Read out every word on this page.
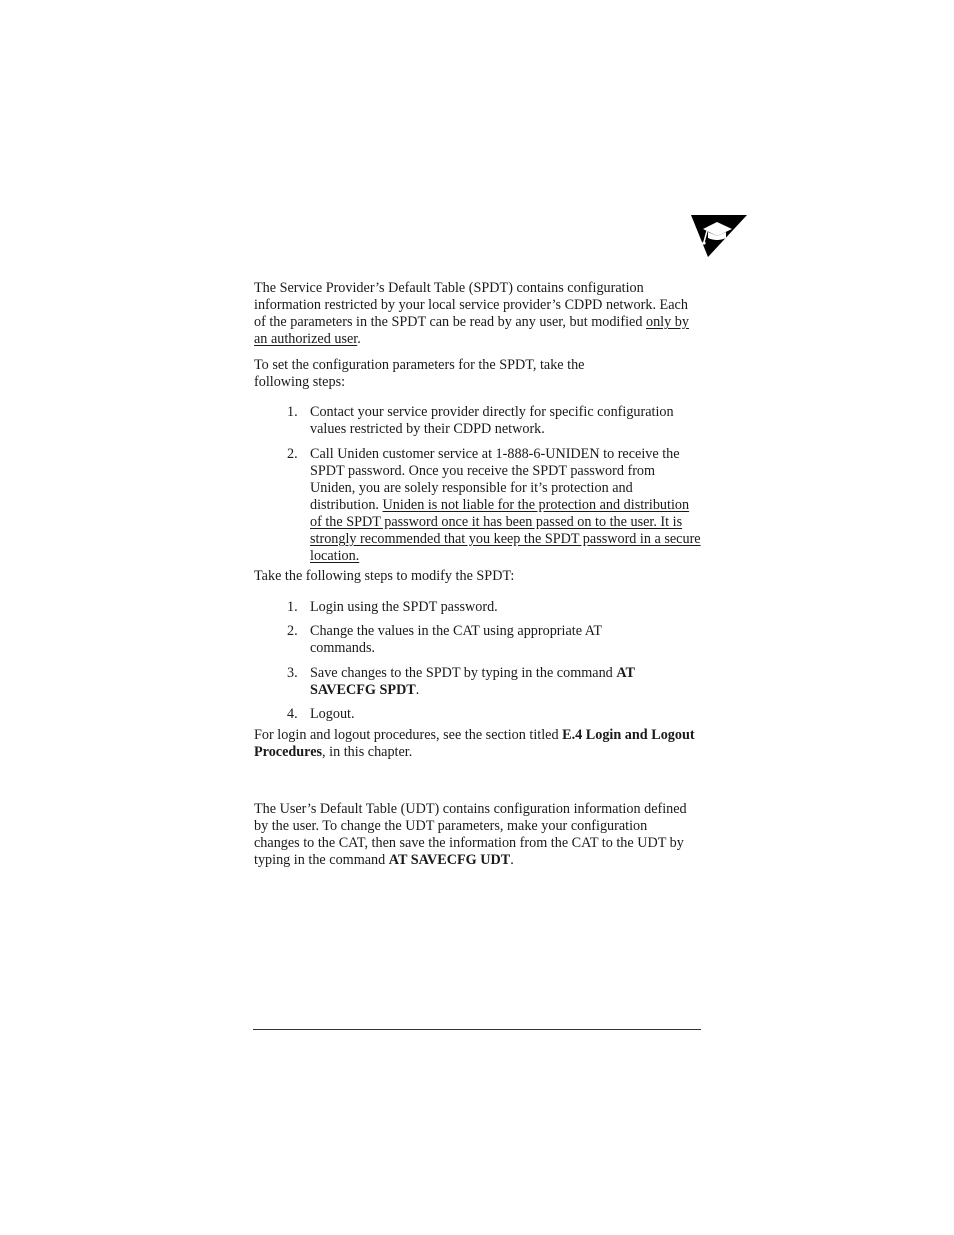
The Service Provider’s Default Table (SPDT) contains configuration information restricted by your local service provider’s CDPD network. Each of the parameters in the SPDT can be read by any user, but modified only by an authorized user.

To set the configuration parameters for the SPDT, take the following steps:

1. Contact your service provider directly for specific configuration values restricted by their CDPD network.
2. Call Uniden customer service at 1-888-6-UNIDEN to receive the SPDT password. Once you receive the SPDT password from Uniden, you are solely responsible for it’s protection and distribution. Uniden is not liable for the protection and distribution of the SPDT password once it has been passed on to the user. It is strongly recommended that you keep the SPDT password in a secure location.

Take the following steps to modify the SPDT:

1. Login using the SPDT password.
2. Change the values in the CAT using appropriate AT commands.
3. Save changes to the SPDT by typing in the command AT SAVECFG SPDT.
4. Logout.

For login and logout procedures, see the section titled E.4 Login and Logout Procedures, in this chapter.

The User’s Default Table (UDT) contains configuration information defined by the user. To change the UDT parameters, make your configuration changes to the CAT, then save the information from the CAT to the UDT by typing in the command AT SAVECFG UDT.
